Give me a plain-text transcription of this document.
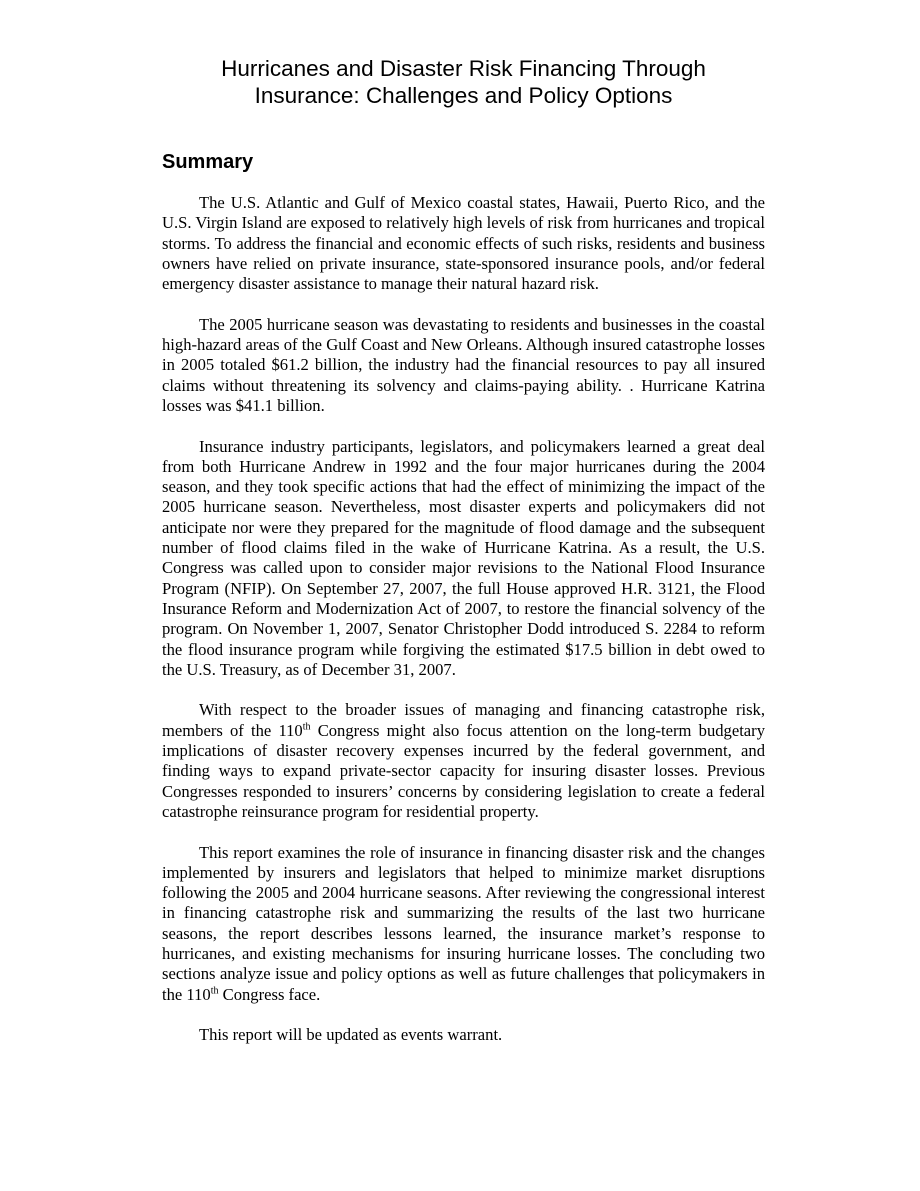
Hurricanes and Disaster Risk Financing Through
Insurance: Challenges and Policy Options
Summary

The U.S. Atlantic and Gulf of Mexico coastal states, Hawaii, Puerto Rico, and the U.S. Virgin Island are exposed to relatively high levels of risk from hurricanes and tropical storms. To address the financial and economic effects of such risks, residents and business owners have relied on private insurance, state-sponsored insurance pools, and/or federal emergency disaster assistance to manage their natural hazard risk.

The 2005 hurricane season was devastating to residents and businesses in the coastal high-hazard areas of the Gulf Coast and New Orleans. Although insured catastrophe losses in 2005 totaled $61.2 billion, the industry had the financial resources to pay all insured claims without threatening its solvency and claims-paying ability. . Hurricane Katrina losses was $41.1 billion.

Insurance industry participants, legislators, and policymakers learned a great deal from both Hurricane Andrew in 1992 and the four major hurricanes during the 2004 season, and they took specific actions that had the effect of minimizing the impact of the 2005 hurricane season. Nevertheless, most disaster experts and policymakers did not anticipate nor were they prepared for the magnitude of flood damage and the subsequent number of flood claims filed in the wake of Hurricane Katrina. As a result, the U.S. Congress was called upon to consider major revisions to the National Flood Insurance Program (NFIP). On September 27, 2007, the full House approved H.R. 3121, the Flood Insurance Reform and Modernization Act of 2007, to restore the financial solvency of the program. On November 1, 2007, Senator Christopher Dodd introduced S. 2284 to reform the flood insurance program while forgiving the estimated $17.5 billion in debt owed to the U.S. Treasury, as of December 31, 2007.

With respect to the broader issues of managing and financing catastrophe risk, members of the 110th Congress might also focus attention on the long-term budgetary implications of disaster recovery expenses incurred by the federal government, and finding ways to expand private-sector capacity for insuring disaster losses. Previous Congresses responded to insurers’ concerns by considering legislation to create a federal catastrophe reinsurance program for residential property.

This report examines the role of insurance in financing disaster risk and the changes implemented by insurers and legislators that helped to minimize market disruptions following the 2005 and 2004 hurricane seasons. After reviewing the congressional interest in financing catastrophe risk and summarizing the results of the last two hurricane seasons, the report describes lessons learned, the insurance market’s response to hurricanes, and existing mechanisms for insuring hurricane losses. The concluding two sections analyze issue and policy options as well as future challenges that policymakers in the 110th Congress face.

This report will be updated as events warrant.
